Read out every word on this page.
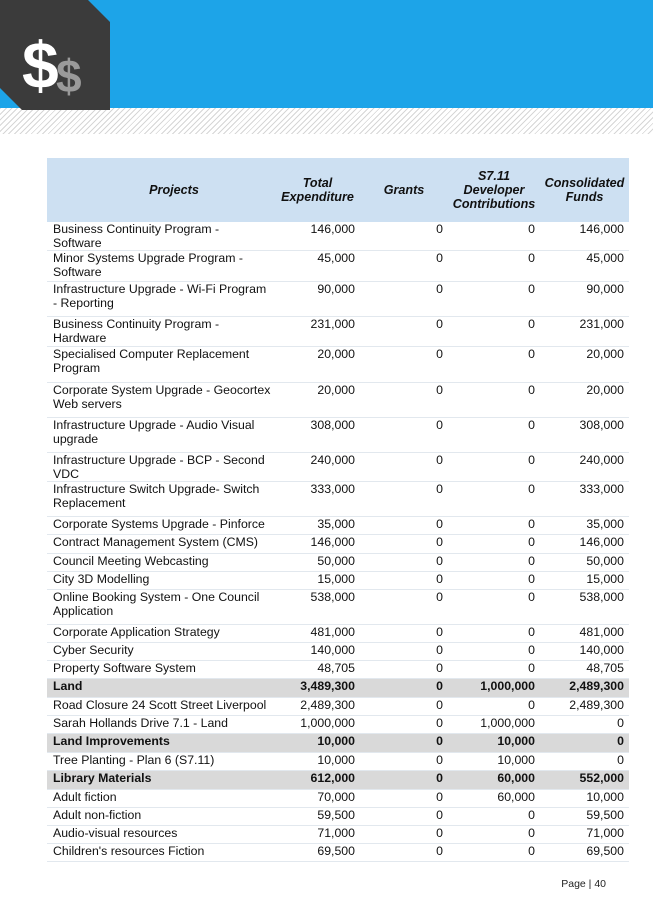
$
$
Projects	Total Expenditure	Grants	S7.11 Developer Contributions	Consolidated Funds
Business Continuity Program - Software	146,000	0	0	146,000
Minor Systems Upgrade Program - Software	45,000	0	0	45,000
Infrastructure Upgrade - Wi-Fi Program - Reporting	90,000	0	0	90,000
Business Continuity Program - Hardware	231,000	0	0	231,000
Specialised Computer Replacement Program	20,000	0	0	20,000
Corporate System Upgrade - Geocortex Web servers	20,000	0	0	20,000
Infrastructure Upgrade - Audio Visual upgrade	308,000	0	0	308,000
Infrastructure Upgrade - BCP - Second VDC	240,000	0	0	240,000
Infrastructure Switch Upgrade- Switch Replacement	333,000	0	0	333,000
Corporate Systems Upgrade - Pinforce	35,000	0	0	35,000
Contract Management System (CMS)	146,000	0	0	146,000
Council Meeting Webcasting	50,000	0	0	50,000
City 3D Modelling	15,000	0	0	15,000
Online Booking System - One Council Application	538,000	0	0	538,000
Corporate Application Strategy	481,000	0	0	481,000
Cyber Security	140,000	0	0	140,000
Property Software System	48,705	0	0	48,705
Land	3,489,300	0	1,000,000	2,489,300
Road Closure 24 Scott Street Liverpool	2,489,300	0	0	2,489,300
Sarah Hollands Drive 7.1 - Land	1,000,000	0	1,000,000	0
Land Improvements	10,000	0	10,000	0
Tree Planting - Plan 6 (S7.11)	10,000	0	10,000	0
Library Materials	612,000	0	60,000	552,000
Adult fiction	70,000	0	60,000	10,000
Adult non-fiction	59,500	0	0	59,500
Audio-visual resources	71,000	0	0	71,000
Children's resources Fiction	69,500	0	0	69,500
Page | 40
